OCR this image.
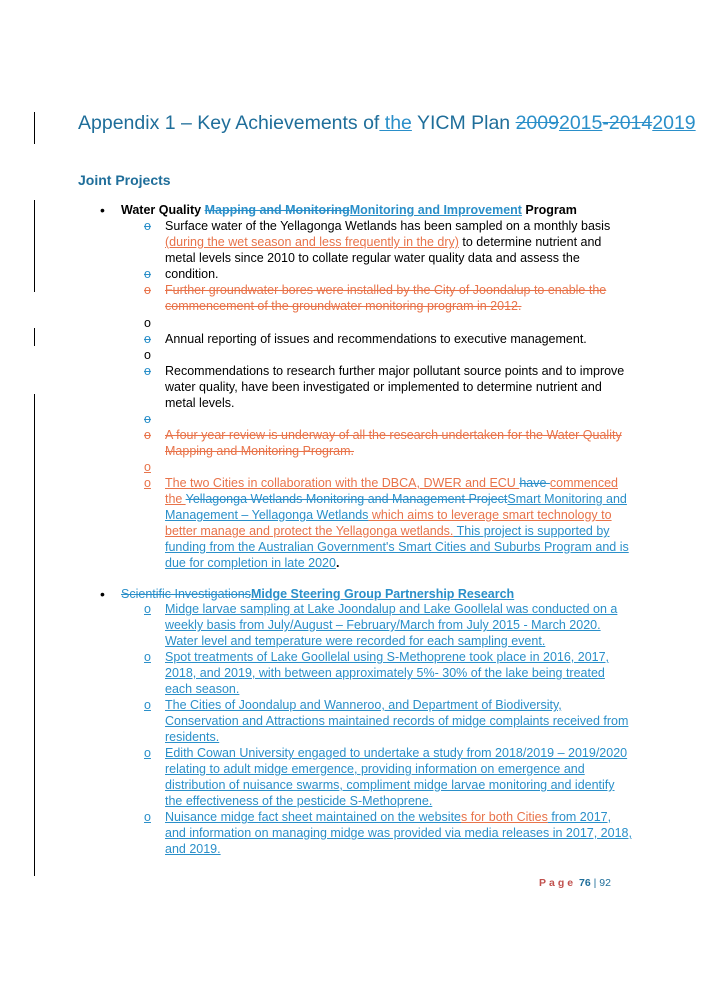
Appendix 1 – Key Achievements of the YICM Plan 20092015-20142019
Joint Projects
• Water Quality Mapping and MonitoringMonitoring and Improvement Program
o Surface water of the Yellagonga Wetlands has been sampled on a monthly basis
(during the wet season and less frequently in the dry) to determine nutrient and metal levels since 2010 to collate regular water quality data and assess the condition.
o
o Further groundwater bores were installed by the City of Joondalup to enable the commencement of the groundwater monitoring program in 2012.
o
o Annual reporting of issues and recommendations to executive management.
o
o Recommendations to research further major pollutant source points and to improve water quality, have been investigated or implemented to determine nutrient and metal levels.
o
o A four year review is underway of all the research undertaken for the Water Quality Mapping and Monitoring Program.
o
o The two Cities in collaboration with the DBCA, DWER and ECU have commenced the Yellagonga Wetlands Monitoring and Management ProjectSmart Monitoring and Management – Yellagonga Wetlands which aims to leverage smart technology to better manage and protect the Yellagonga wetlands. This project is supported by funding from the Australian Government's Smart Cities and Suburbs Program and is due for completion in late 2020.
• Scientific InvestigationsMidge Steering Group Partnership Research
o Midge larvae sampling at Lake Joondalup and Lake Goollelal was conducted on a weekly basis from July/August – February/March from July 2015 - March 2020. Water level and temperature were recorded for each sampling event.
o Spot treatments of Lake Goollelal using S-Methoprene took place in 2016, 2017, 2018, and 2019, with between approximately 5%- 30% of the lake being treated each season.
o The Cities of Joondalup and Wanneroo, and Department of Biodiversity, Conservation and Attractions maintained records of midge complaints received from residents.
o Edith Cowan University engaged to undertake a study from 2018/2019 – 2019/2020 relating to adult midge emergence, providing information on emergence and distribution of nuisance swarms, compliment midge larvae monitoring and identify the effectiveness of the pesticide S-Methoprene.
o Nuisance midge fact sheet maintained on the websites for both Cities from 2017, and information on managing midge was provided via media releases in 2017, 2018, and 2019.
Page 76 | 92
